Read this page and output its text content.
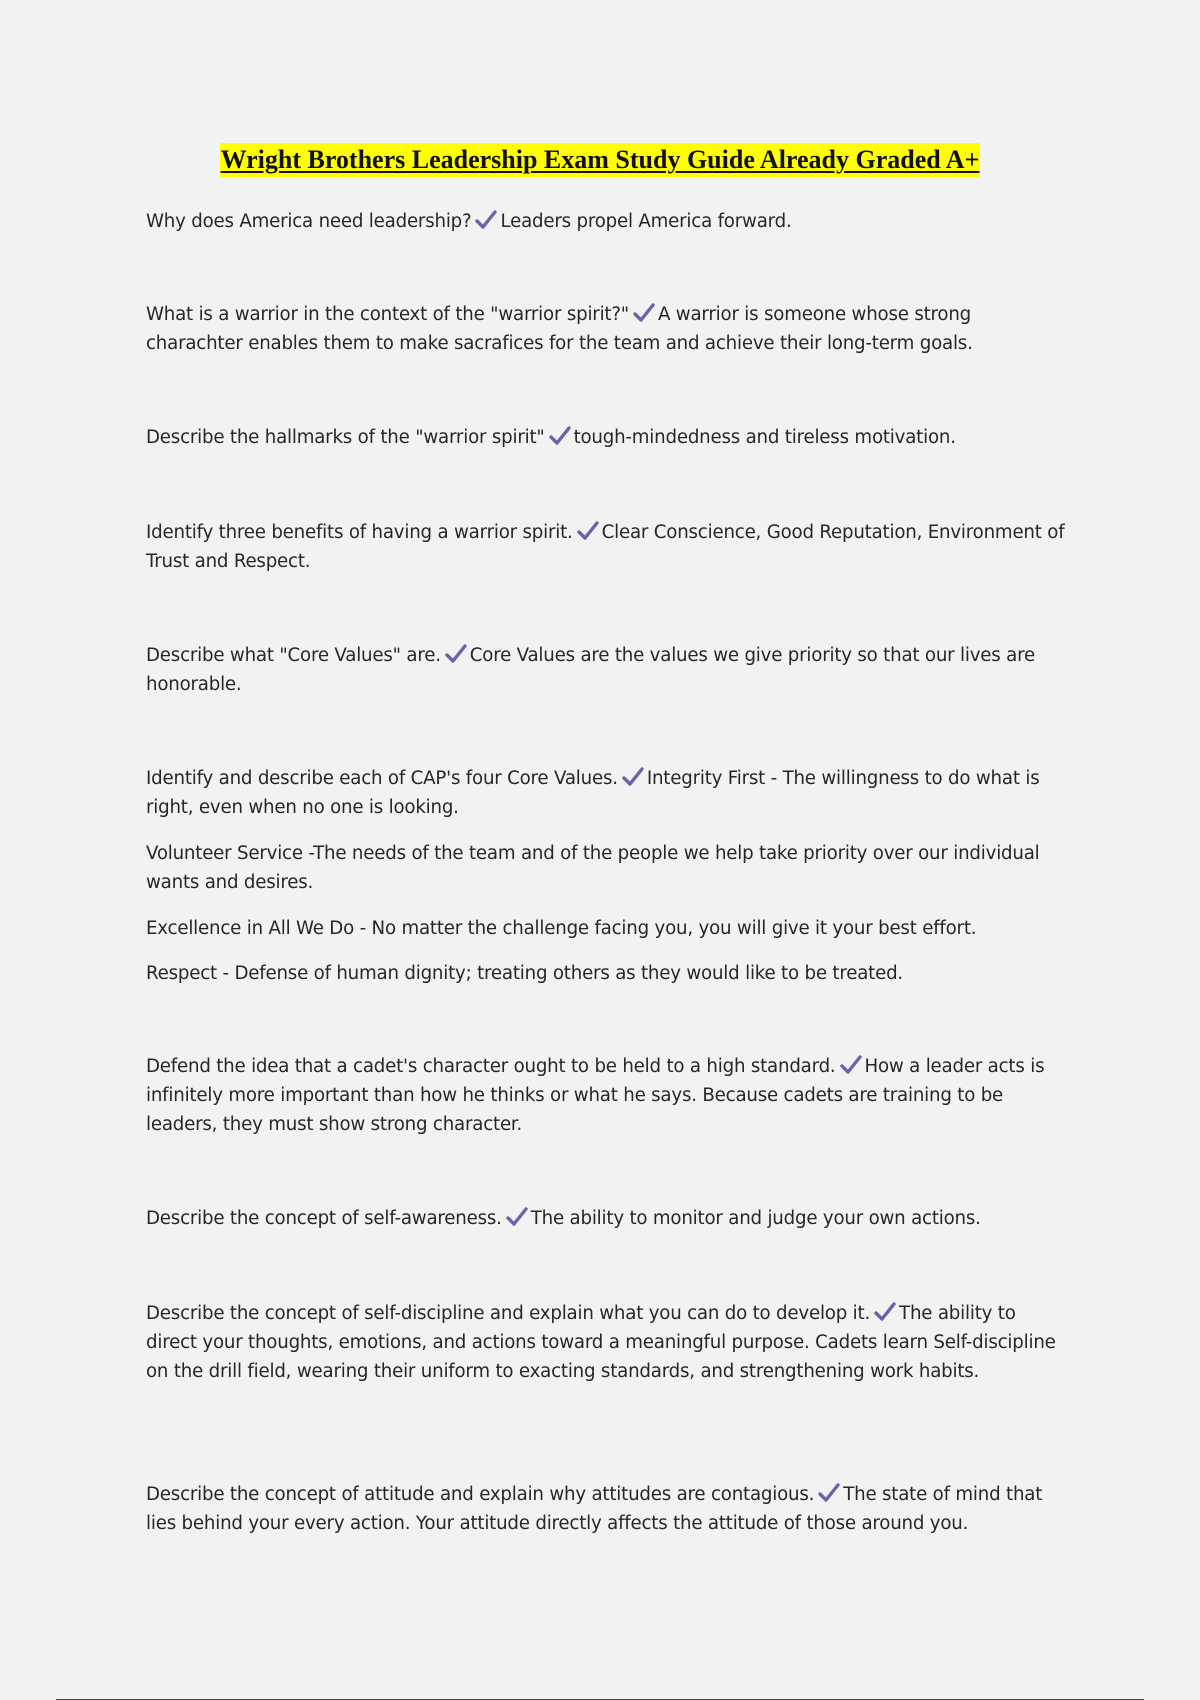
Wright Brothers Leadership Exam Study Guide Already Graded A+

Why does America need leadership? Leaders propel America forward.

What is a warrior in the context of the "warrior spirit?" A warrior is someone whose strong charachter enables them to make sacrafices for the team and achieve their long-term goals.

Describe the hallmarks of the "warrior spirit" tough-mindedness and tireless motivation.

Identify three benefits of having a warrior spirit. Clear Conscience, Good Reputation, Environment of Trust and Respect.

Describe what "Core Values" are. Core Values are the values we give priority so that our lives are honorable.

Identify and describe each of CAP's four Core Values. Integrity First - The willingness to do what is right, even when no one is looking.

Volunteer Service -The needs of the team and of the people we help take priority over our individual wants and desires.

Excellence in All We Do - No matter the challenge facing you, you will give it your best effort.

Respect - Defense of human dignity; treating others as they would like to be treated.

Defend the idea that a cadet's character ought to be held to a high standard. How a leader acts is infinitely more important than how he thinks or what he says. Because cadets are training to be leaders, they must show strong character.

Describe the concept of self-awareness. The ability to monitor and judge your own actions.

Describe the concept of self-discipline and explain what you can do to develop it. The ability to direct your thoughts, emotions, and actions toward a meaningful purpose. Cadets learn Self-discipline on the drill field, wearing their uniform to exacting standards, and strengthening work habits.

Describe the concept of attitude and explain why attitudes are contagious. The state of mind that lies behind your every action. Your attitude directly affects the attitude of those around you.
